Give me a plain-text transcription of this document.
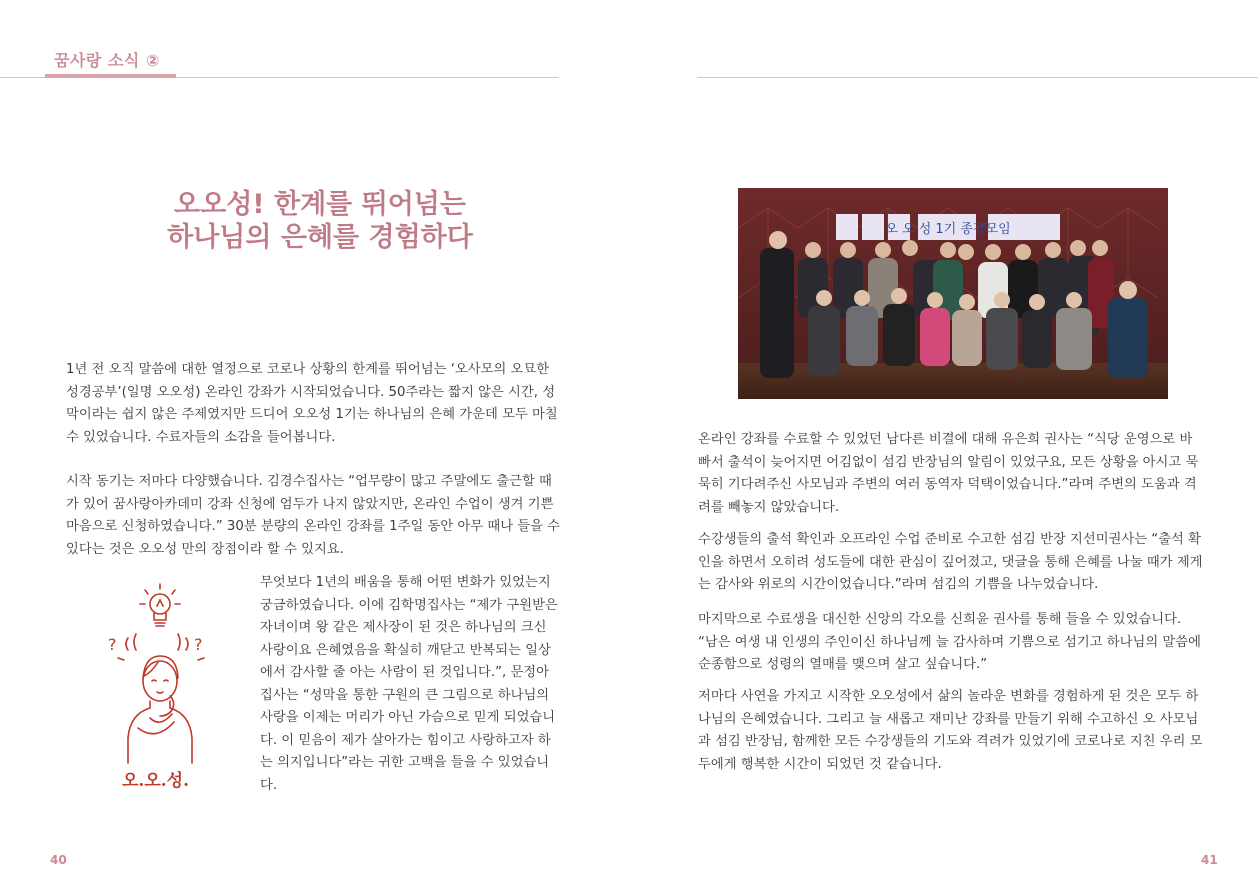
꿈사랑 소식 ②
오오성! 한계를 뛰어넘는
하나님의 은혜를 경험하다

1년 전 오직 말씀에 대한 열정으로 코로나 상황의 한계를 뛰어넘는 ‘오사모의 오묘한 성경공부’(일명 오오성) 온라인 강좌가 시작되었습니다. 50주라는 짧지 않은 시간, 성막이라는 쉽지 않은 주제였지만 드디어 오오성 1기는 하나님의 은혜 가운데 모두 마칠 수 있었습니다. 수료자들의 소감을 들어봅니다.

시작 동기는 저마다 다양했습니다. 김경수집사는 “업무량이 많고 주말에도 출근할 때가 있어 꿈사랑아카데미 강좌 신청에 엄두가 나지 않았지만, 온라인 수업이 생겨 기쁜 마음으로 신청하였습니다.” 30분 분량의 온라인 강좌를 1주일 동안 아무 때나 들을 수 있다는 것은 오오성 만의 장점이라 할 수 있지요.

?	?
오.오.성.

무엇보다 1년의 배움을 통해 어떤 변화가 있었는지 궁금하였습니다. 이에 김학명집사는 “제가 구원받은 자녀이며 왕 같은 제사장이 된 것은 하나님의 크신 사랑이요 은혜였음을 확실히 깨닫고 반복되는 일상에서 감사할 줄 아는 사람이 된 것입니다.”, 문정아 집사는 “성막을 통한 구원의 큰 그림으로 하나님의 사랑을 이제는 머리가 아닌 가슴으로 믿게 되었습니다. 이 믿음이 제가 살아가는 힘이고 사랑하고자 하는 의지입니다”라는 귀한 고백을 들을 수 있었습니다.

오 오 성 1기 종강모임

온라인 강좌를 수료할 수 있었던 남다른 비결에 대해 유은희 권사는 “식당 운영으로 바빠서 출석이 늦어지면 어김없이 섬김 반장님의 알림이 있었구요, 모든 상황을 아시고 묵묵히 기다려주신 사모님과 주변의 여러 동역자 덕택이었습니다.”라며 주변의 도움과 격려를 빼놓지 않았습니다.

수강생들의 출석 확인과 오프라인 수업 준비로 수고한 섬김 반장 지선미권사는 “출석 확인을 하면서 오히려 성도들에 대한 관심이 깊어졌고, 댓글을 통해 은혜를 나눌 때가 제게는 감사와 위로의 시간이었습니다.”라며 섬김의 기쁨을 나누었습니다.

마지막으로 수료생을 대신한 신앙의 각오를 신희윤 권사를 통해 들을 수 있었습니다. “남은 여생 내 인생의 주인이신 하나님께 늘 감사하며 기쁨으로 섬기고 하나님의 말씀에 순종함으로 성령의 열매를 맺으며 살고 싶습니다.”

저마다 사연을 가지고 시작한 오오성에서 삶의 놀라운 변화를 경험하게 된 것은 모두 하나님의 은혜였습니다. 그리고 늘 새롭고 재미난 강좌를 만들기 위해 수고하신 오 사모님과 섬김 반장님, 함께한 모든 수강생들의 기도와 격려가 있었기에 코로나로 지친 우리 모두에게 행복한 시간이 되었던 것 같습니다.

40	41
